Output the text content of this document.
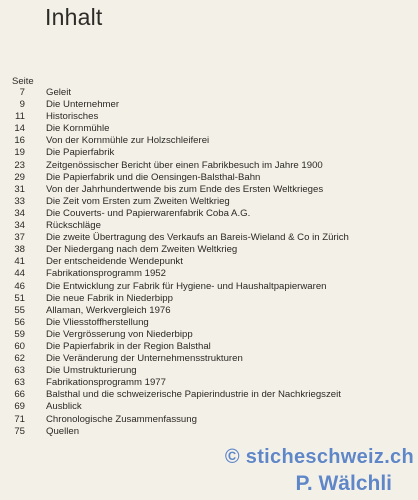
Inhalt
Seite
7 Geleit
9 Die Unternehmer
11 Historisches
14 Die Kornmühle
16 Von der Kornmühle zur Holzschleiferei
19 Die Papierfabrik
23 Zeitgenössischer Bericht über einen Fabrikbesuch im Jahre 1900
29 Die Papierfabrik und die Oensingen-Balsthal-Bahn
31 Von der Jahrhundertwende bis zum Ende des Ersten Weltkrieges
33 Die Zeit vom Ersten zum Zweiten Weltkrieg
34 Die Couverts- und Papierwarenfabrik Coba A.G.
34 Rückschläge
37 Die zweite Übertragung des Verkaufs an Bareis-Wieland & Co in Zürich
38 Der Niedergang nach dem Zweiten Weltkrieg
41 Der entscheidende Wendepunkt
44 Fabrikationsprogramm 1952
46 Die Entwicklung zur Fabrik für Hygiene- und Haushaltpapierwaren
51 Die neue Fabrik in Niederbipp
55 Allaman, Werkvergleich 1976
56 Die Vliesstoffherstellung
59 Die Vergrösserung von Niederbipp
60 Die Papierfabrik in der Region Balsthal
62 Die Veränderung der Unternehmensstrukturen
63 Die Umstrukturierung
63 Fabrikationsprogramm 1977
66 Balsthal und die schweizerische Papierindustrie in der Nachkriegszeit
69 Ausblick
71 Chronologische Zusammenfassung
75 Quellen
© sticheschweiz.ch
P. Wälchli
